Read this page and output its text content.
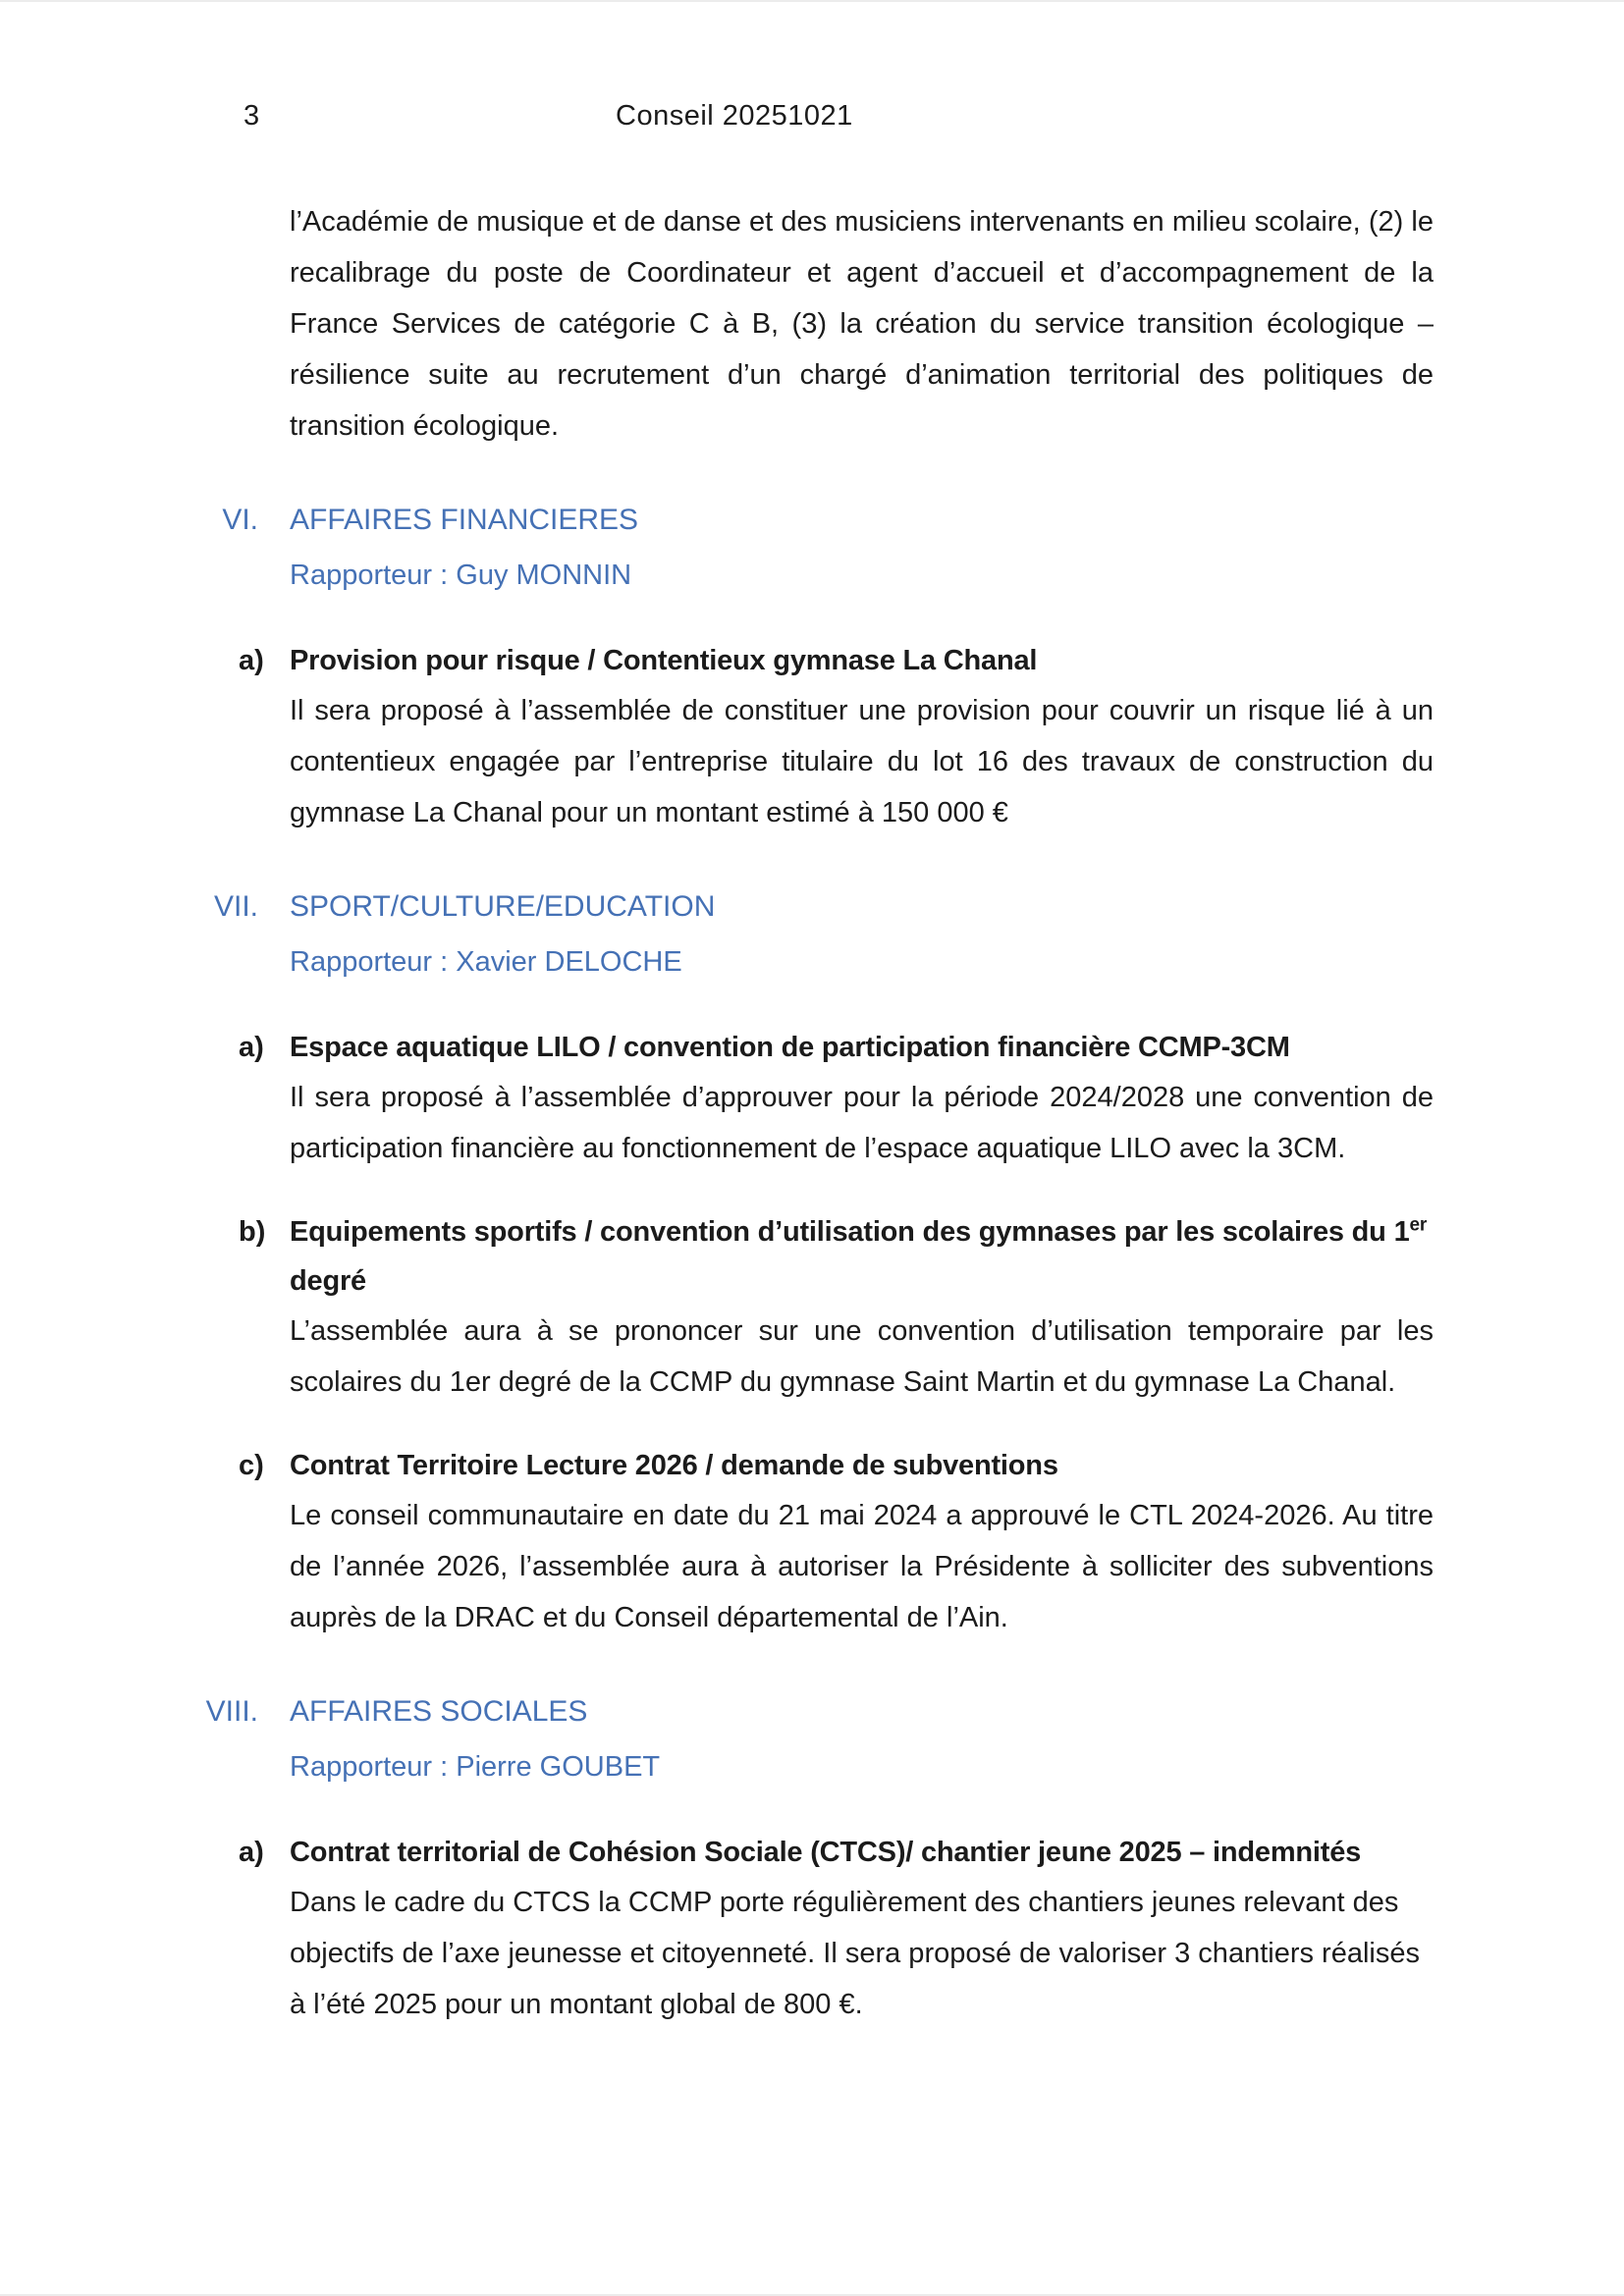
3	Conseil 20251021

l’Académie de musique et de danse et des musiciens intervenants en milieu scolaire, (2) le recalibrage du poste de Coordinateur et agent d’accueil et d’accompagnement de la France Services de catégorie C à B, (3) la création du service transition écologique – résilience suite au recrutement d’un chargé d’animation territorial des politiques de transition écologique.

VI. AFFAIRES FINANCIERES
Rapporteur : Guy MONNIN
a) Provision pour risque / Contentieux gymnase La Chanal

Il sera proposé à l’assemblée de constituer une provision pour couvrir un risque lié à un contentieux engagée par l’entreprise titulaire du lot 16 des travaux de construction du gymnase La Chanal pour un montant estimé à 150 000 €

VII. SPORT/CULTURE/EDUCATION
Rapporteur : Xavier DELOCHE
a) Espace aquatique LILO / convention de participation financière CCMP-3CM

Il sera proposé à l’assemblée d’approuver pour la période 2024/2028 une convention de participation financière au fonctionnement de l’espace aquatique LILO avec la 3CM.

b) Equipements sportifs / convention d’utilisation des gymnases par les scolaires du 1er degré

L’assemblée aura à se prononcer sur une convention d’utilisation temporaire par les scolaires du 1er degré de la CCMP du gymnase Saint Martin et du gymnase La Chanal.

c) Contrat Territoire Lecture 2026 / demande de subventions

Le conseil communautaire en date du 21 mai 2024 a approuvé le CTL 2024-2026. Au titre de l’année 2026, l’assemblée aura à autoriser la Présidente à solliciter des subventions auprès de la DRAC et du Conseil départemental de l’Ain.

VIII. AFFAIRES SOCIALES
Rapporteur : Pierre GOUBET
a) Contrat territorial de Cohésion Sociale (CTCS)/ chantier jeune 2025 – indemnités

Dans le cadre du CTCS la CCMP porte régulièrement des chantiers jeunes relevant des objectifs de l’axe jeunesse et citoyenneté. Il sera proposé de valoriser 3 chantiers réalisés à l’été 2025 pour un montant global de 800 €.
